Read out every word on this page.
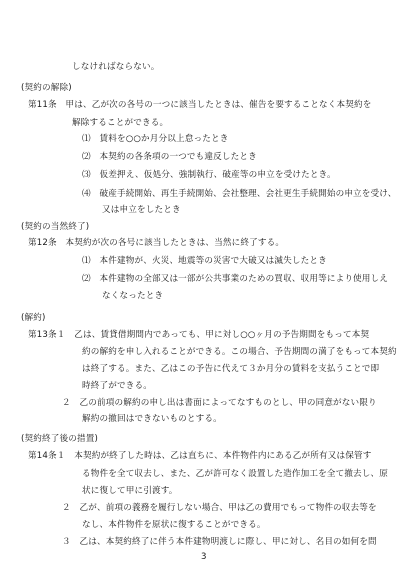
しなければならない。
(契約の解除)
第11条　甲は、乙が次の各号の一つに該当したときは、催告を要することなく本契約を
解除することができる。
⑴　賃料を○○か月分以上怠ったとき
⑵　本契約の各条項の一つでも違反したとき
⑶　仮差押え、仮処分、強制執行、破産等の申立を受けたとき。
⑷　破産手続開始、再生手続開始、会社整理、会社更生手続開始の申立を受け、
又は申立をしたとき
(契約の当然終了)
第12条　本契約が次の各号に該当したときは、当然に終了する。
⑴　本件建物が、火災、地震等の災害で大破又は滅失したとき
⑵　本件建物の全部又は一部が公共事業のための買収、収用等により使用しえ
なくなったとき
(解約)
第13条１　乙は、賃貸借期間内であっても、甲に対し○○ヶ月の予告期間をもって本契
約の解約を申し入れることができる。この場合、予告期間の満了をもって本契約
は終了する。また、乙はこの予告に代えて３か月分の賃料を支払うことで即
時終了ができる。
２　乙の前項の解約の申し出は書面によってなすものとし、甲の同意がない限り
解約の撤回はできないものとする。
(契約終了後の措置)
第14条１　本契約が終了した時は、乙は直ちに、本件物件内にある乙が所有又は保管す
る物件を全て収去し、また、乙が許可なく設置した造作加工を全て撤去し、原
状に復して甲に引渡す。
２　乙が、前項の義務を履行しない場合、甲は乙の費用でもって物件の収去等を
なし、本件物件を原状に復することができる。
３　乙は、本契約終了に伴う本件建物明渡しに際し、甲に対し、名目の如何を問
3
